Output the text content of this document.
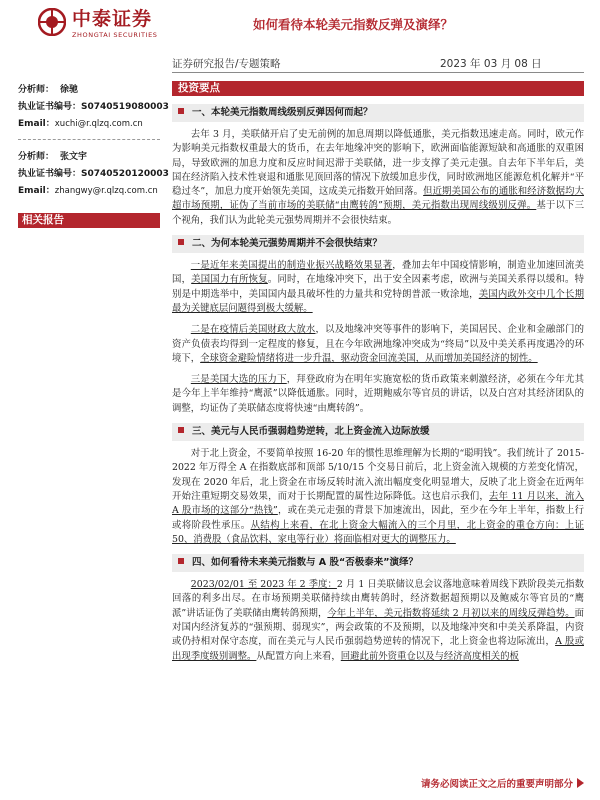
中泰证券
ZHONGTAI SECURITIES
如何看待本轮美元指数反弹及演绎？
证券研究报告/专题策略	2023 年 03 月 08 日
分析师： 徐驰
执业证书编号：S0740519080003
Email：xuchi@r.qlzq.com.cn
分析师： 张文宇
执业证书编号：S0740520120003
Email：zhangwy@r.qlzq.com.cn
相关报告
投资要点
一、本轮美元指数周线级别反弹因何而起？

去年 3 月，美联储开启了史无前例的加息周期以降低通胀，美元指数迅速走高。同时，欧元作为影响美元指数权重最大的货币，在去年地缘冲突的影响下，欧洲面临能源短缺和高通胀的双重困局，导致欧洲的加息力度和反应时间迟滞于美联储，进一步支撑了美元走强。自去年下半年后，美国在经济陷入技术性衰退和通胀见顶回落的情况下放缓加息步伐，同时欧洲地区能源危机化解并“平稳过冬”，加息力度开始领先美国，这成美元指数开始回落。但近期美国公布的通胀和经济数据均大超市场预期，证伪了当前市场的美联储“由鹰转鸽”预期，美元指数出现周线级别反弹。基于以下三个视角，我们认为此轮美元强势周期并不会很快结束。

二、为何本轮美元强势周期并不会很快结束？

一是近年来美国提出的制造业振兴战略效果显著，叠加去年中国疫情影响，制造业加速回流美国，美国国力有所恢复。同时，在地缘冲突下，出于安全因素考虑，欧洲与美国关系得以缓和。特别是中期选举中，美国国内最具破坏性的力量共和党特朗普派一败涂地，美国内政外交中几个长期最为关键底层问题得到极大缓解。

二是在疫情后美国财政大放水，以及地缘冲突等事件的影响下，美国居民、企业和金融部门的资产负债表均得到一定程度的修复，且在今年欧洲地缘冲突成为“终局”以及中美关系再度遇冷的环境下，全球资金避险情绪将进一步升温，驱动资金回流美国，从而增加美国经济的韧性。

三是美国大选的压力下，拜登政府为在明年实施宽松的货币政策来刺激经济，必须在今年尤其是今年上半年维持“鹰派”以降低通胀。同时，近期鲍威尔等官员的讲话，以及白宫对其经济团队的调整，均证伪了美联储态度将快速“由鹰转鸽”。

三、美元与人民币强弱趋势逆转，北上资金流入边际放缓

对于北上资金，不要简单按照 16-20 年的惯性思维理解为长期的“聪明钱”。我们统计了 2015-2022 年万得全 A 在指数底部和顶部 5/10/15 个交易日前后，北上资金流入规模的方差变化情况，发现在 2020 年后，北上资金在市场反转时流入流出幅度变化明显增大，反映了北上资金在近两年开始注重短期交易效果，而对于长期配置的属性边际降低。这也启示我们，去年 11 月以来，流入 A 股市场的这部分“热钱”，或在美元走强的背景下加速流出，因此，至少在今年上半年，指数上行或将阶段性承压。从结构上来看，在北上资金大幅流入的三个月里，北上资金的重仓方向：上证 50、消费股（食品饮料、家电等行业）将面临相对更大的调整压力。

四、如何看待未来美元指数与 A 股“否极泰来”演绎？

2023/02/01 至 2023 年 2 季度：2 月 1 日美联储议息会议落地意味着周线下跌阶段美元指数回落的利多出尽。在市场预期美联储持续由鹰转鸽时，经济数据超预期以及鲍威尔等官员的“鹰派”讲话证伪了美联储由鹰转鸽预期，今年上半年，美元指数将延续 2 月初以来的周线反弹趋势。面对国内经济复苏的“强预期、弱现实”，两会政策的不及预期，以及地缘冲突和中美关系降温，内资或仍持相对保守态度，而在美元与人民币强弱趋势逆转的情况下，北上资金也将边际流出，A 股或出现季度级别调整。从配置方向上来看，回避此前外资重仓以及与经济高度相关的板

请务必阅读正文之后的重要声明部分
